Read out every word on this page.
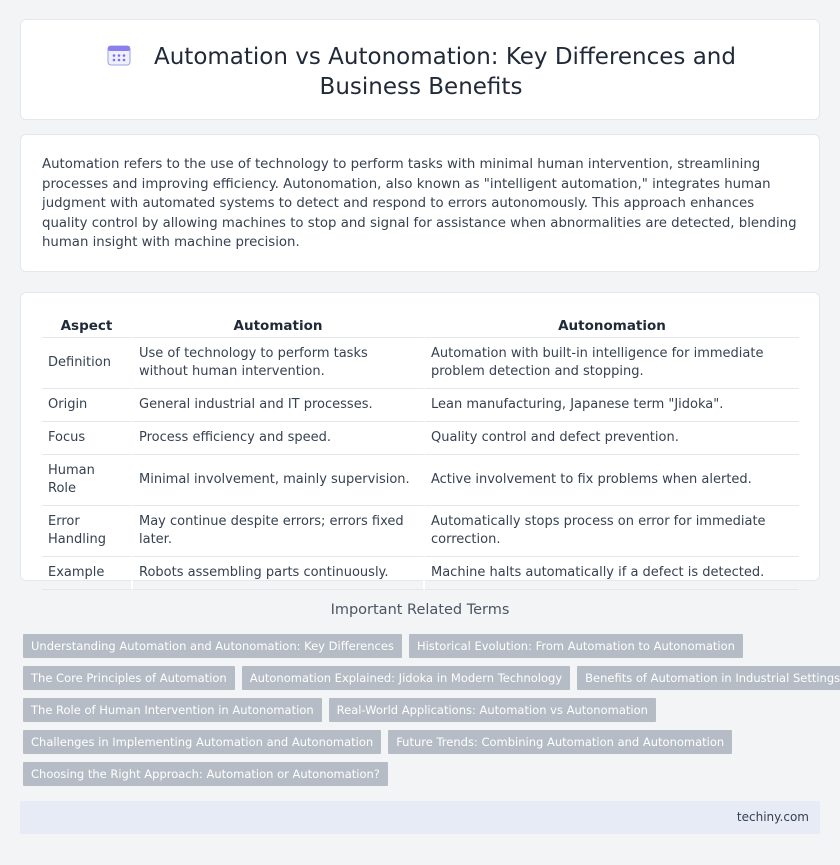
Automation vs Autonomation: Key Differences and Business Benefits

Automation refers to the use of technology to perform tasks with minimal human intervention, streamlining processes and improving efficiency. Autonomation, also known as "intelligent automation," integrates human judgment with automated systems to detect and respond to errors autonomously. This approach enhances quality control by allowing machines to stop and signal for assistance when abnormalities are detected, blending human insight with machine precision.

Aspect	Automation	Autonomation
Definition	Use of technology to perform tasks without human intervention.	Automation with built-in intelligence for immediate problem detection and stopping.
Origin	General industrial and IT processes.	Lean manufacturing, Japanese term "Jidoka".
Focus	Process efficiency and speed.	Quality control and defect prevention.
Human Role	Minimal involvement, mainly supervision.	Active involvement to fix problems when alerted.
Error Handling	May continue despite errors; errors fixed later.	Automatically stops process on error for immediate correction.
Example	Robots assembling parts continuously.	Machine halts automatically if a defect is detected.
Important Related Terms
Understanding Automation and Autonomation: Key Differences	Historical Evolution: From Automation to Autonomation
The Core Principles of Automation	Autonomation Explained: Jidoka in Modern Technology	Benefits of Automation in Industrial Settings
The Role of Human Intervention in Autonomation	Real-World Applications: Automation vs Autonomation
Challenges in Implementing Automation and Autonomation	Future Trends: Combining Automation and Autonomation
Choosing the Right Approach: Automation or Autonomation?
techiny.com
